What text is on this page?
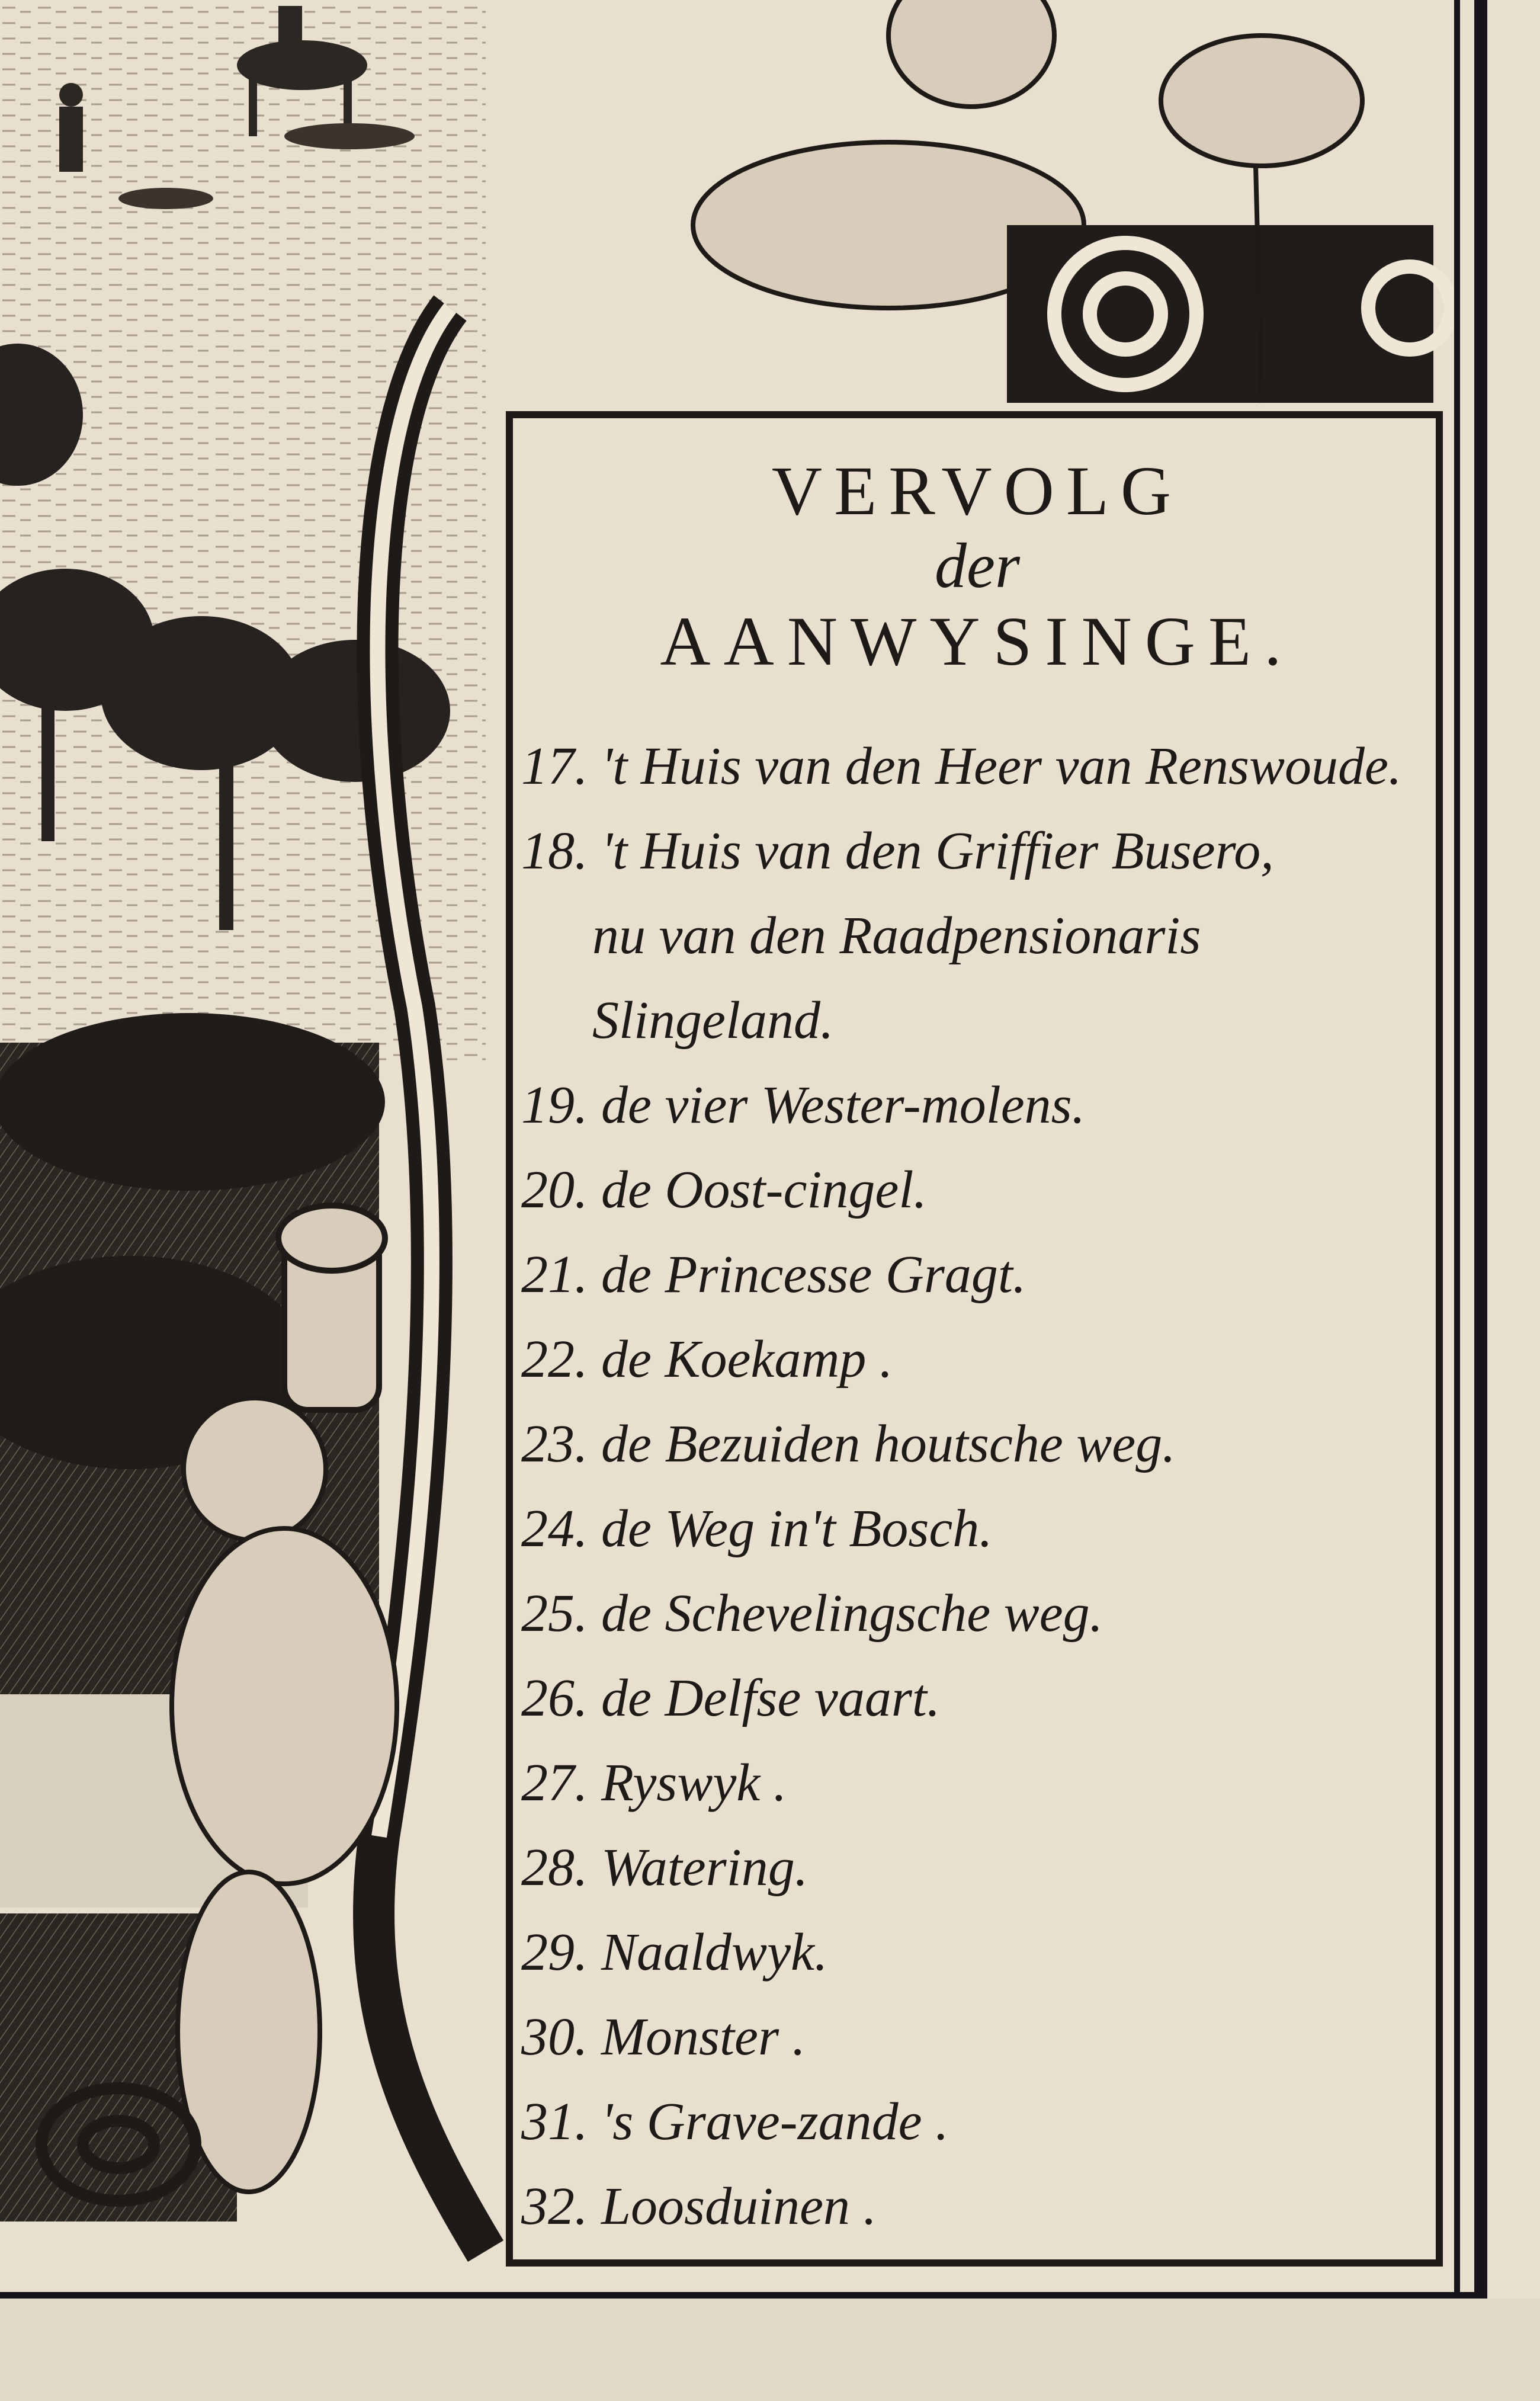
VERVOLG
der
AANWYSINGE.
17. 't Huis van den Heer van Renswoude.
18. 't Huis van den Griffier Busero,
nu van den Raadpensionaris
Slingeland.
19. de vier Wester-molens.
20. de Oost-cingel.
21. de Princesse Gragt.
22. de Koekamp .
23. de Bezuiden houtsche weg.
24. de Weg in't Bosch.
25. de Schevelingsche weg.
26. de Delfse vaart.
27. Ryswyk .
28. Watering.
29. Naaldwyk.
30. Monster .
31. 's Grave-zande .
32. Loosduinen .
